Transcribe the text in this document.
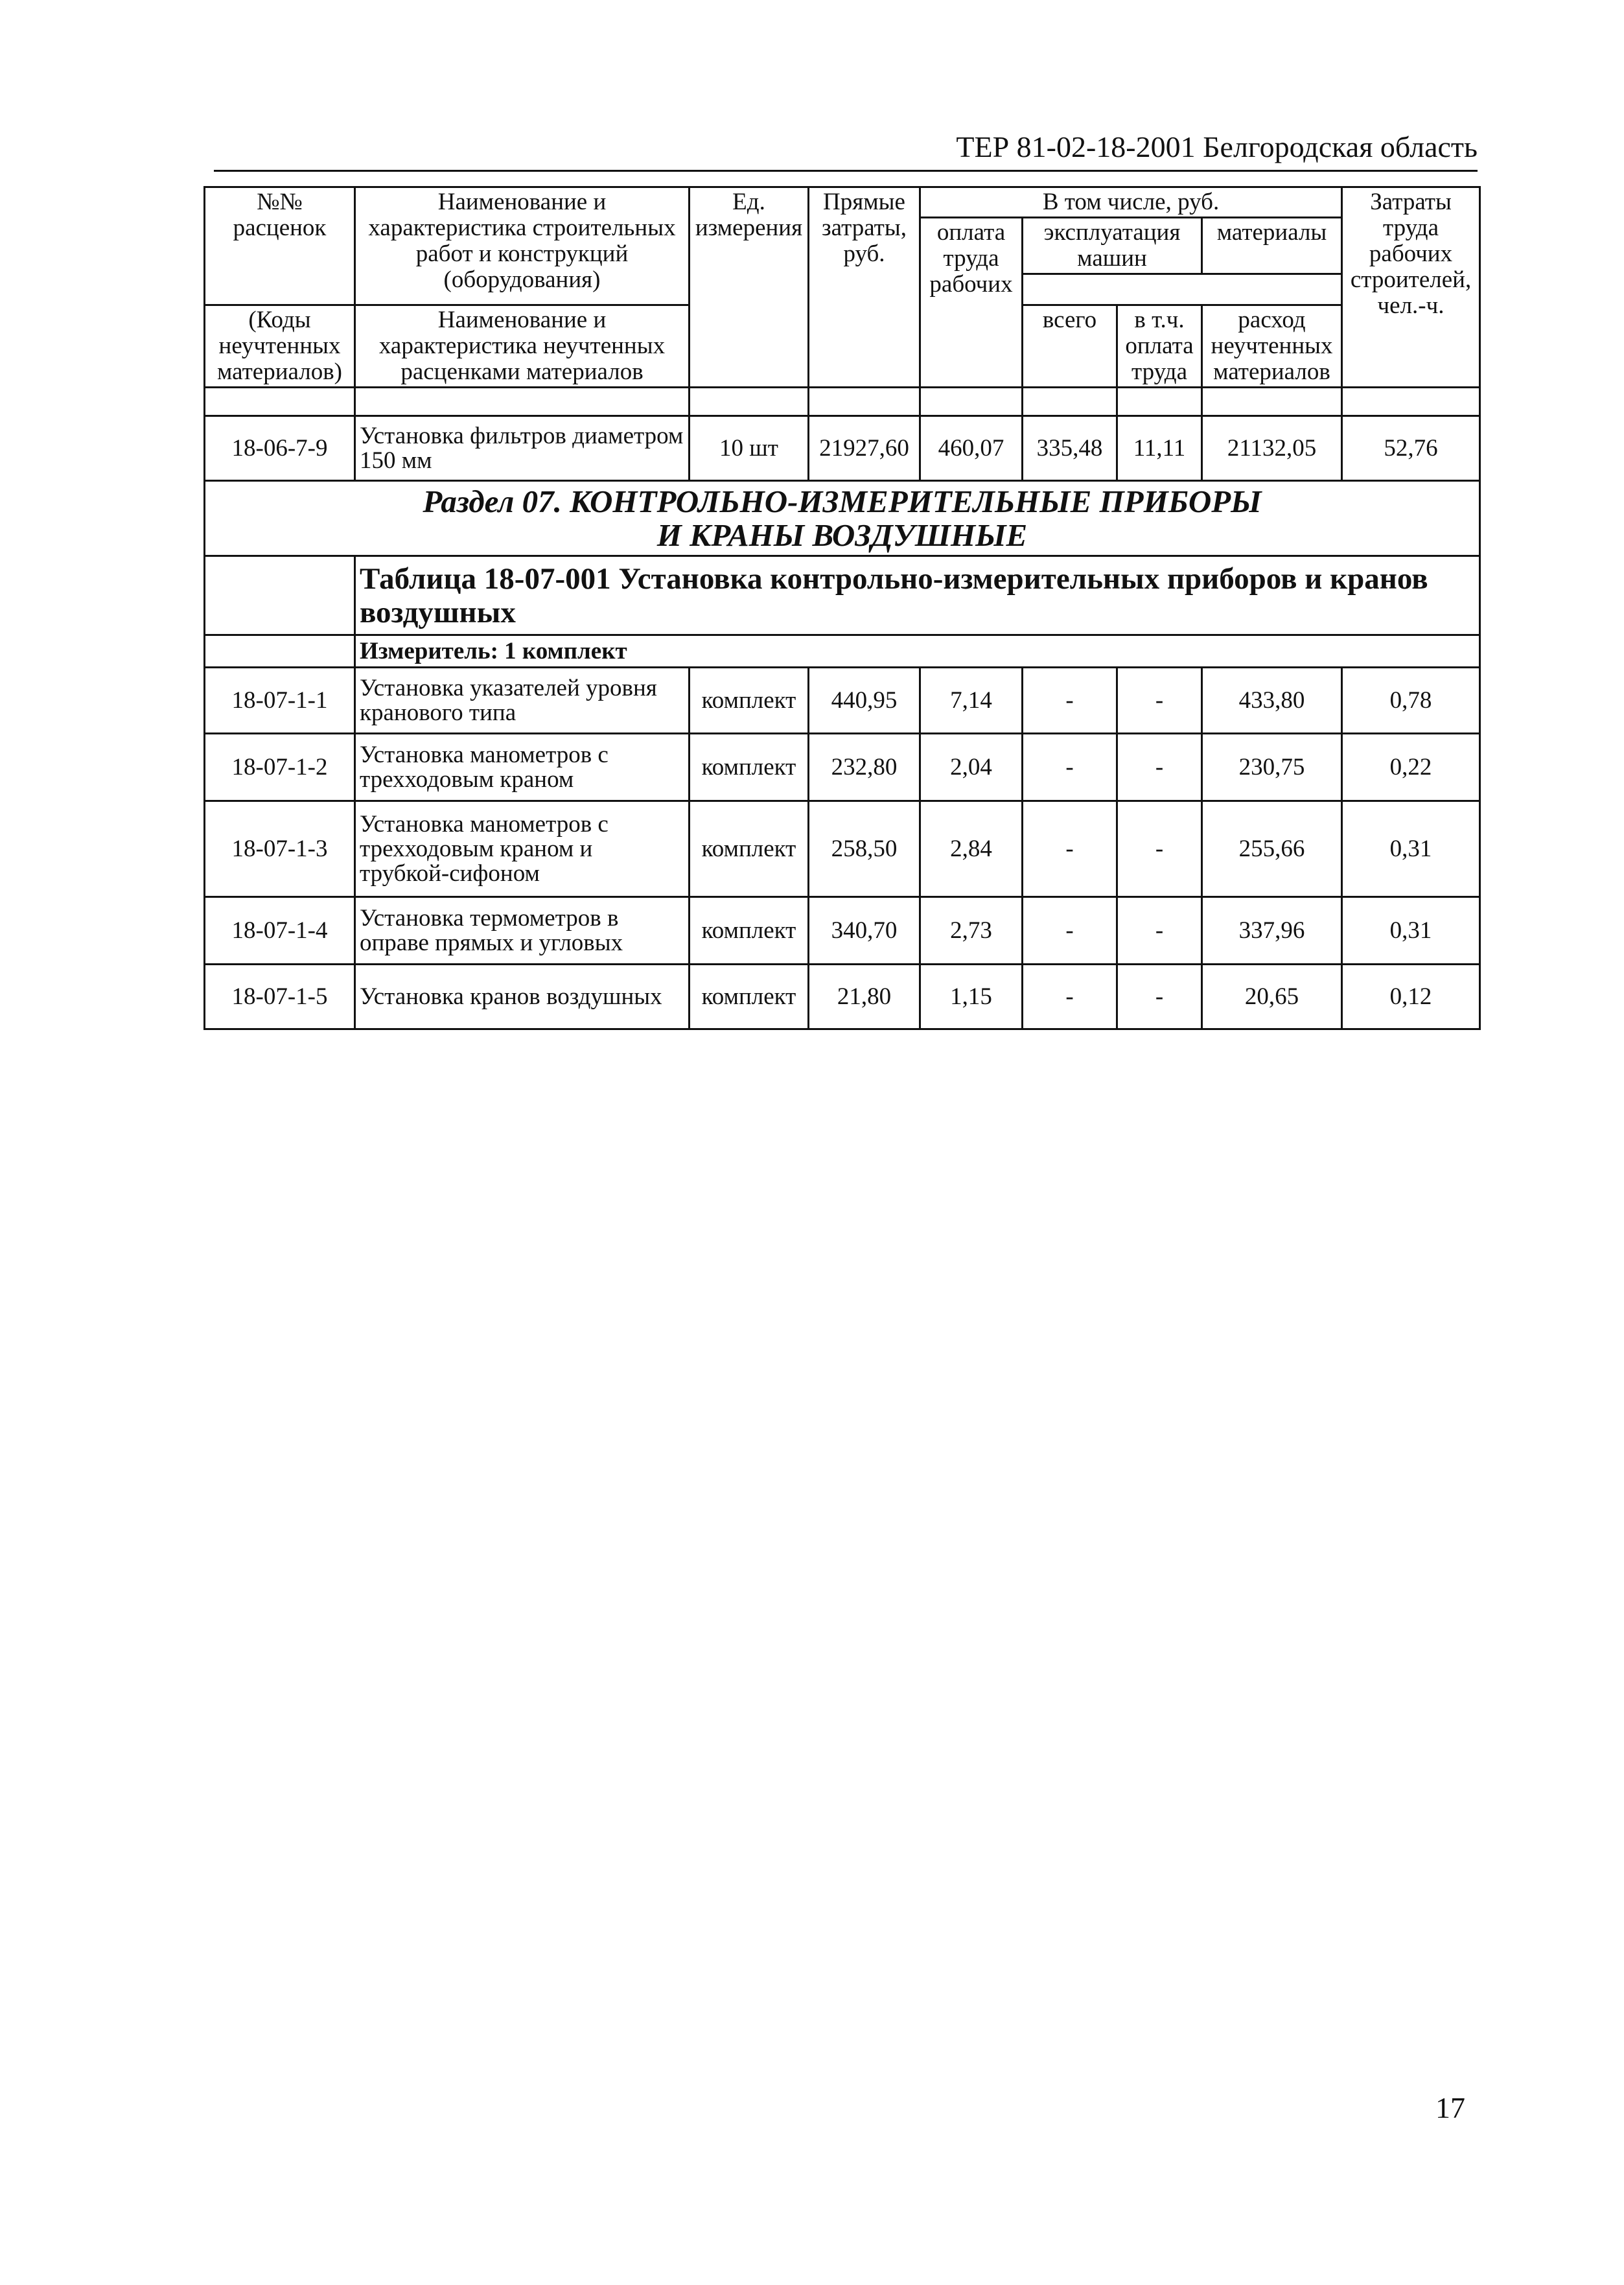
ТЕР 81-02-18-2001 Белгородская область
№№ расценок	Наименование и характеристика строительных работ и конструкций (оборудования)	Ед. измерения	Прямые затраты, руб.	В том числе, руб.				Затраты труда рабочих строителей, чел.-ч.
				оплата труда рабочих	эксплуатация машин		материалы	

(Коды неучтенных материалов)	Наименование и характеристика неучтенных расценками материалов				всего	в т.ч. оплата труда	расход неучтенных материалов	

18-06-7-9	Установка фильтров диаметром 150 мм	10 шт	21927,60	460,07	335,48	11,11	21132,05	52,76

Раздел 07. КОНТРОЛЬНО-ИЗМЕРИТЕЛЬНЫЕ ПРИБОРЫ
И КРАНЫ ВОЗДУШНЫЕ								

	Таблица 18-07-001 Установка контрольно-измерительных приборов и кранов воздушных							
	Измеритель: 1 комплект							
18-07-1-1	Установка указателей уровня кранового типа	комплект	440,95	7,14	-	-	433,80	0,78
18-07-1-2	Установка манометров с трехходовым краном	комплект	232,80	2,04	-	-	230,75	0,22
18-07-1-3	Установка манометров с трехходовым краном и трубкой-сифоном	комплект	258,50	2,84	-	-	255,66	0,31
18-07-1-4	Установка термометров в оправе прямых и угловых	комплект	340,70	2,73	-	-	337,96	0,31
18-07-1-5	Установка кранов воздушных	комплект	21,80	1,15	-	-	20,65	0,12
17
